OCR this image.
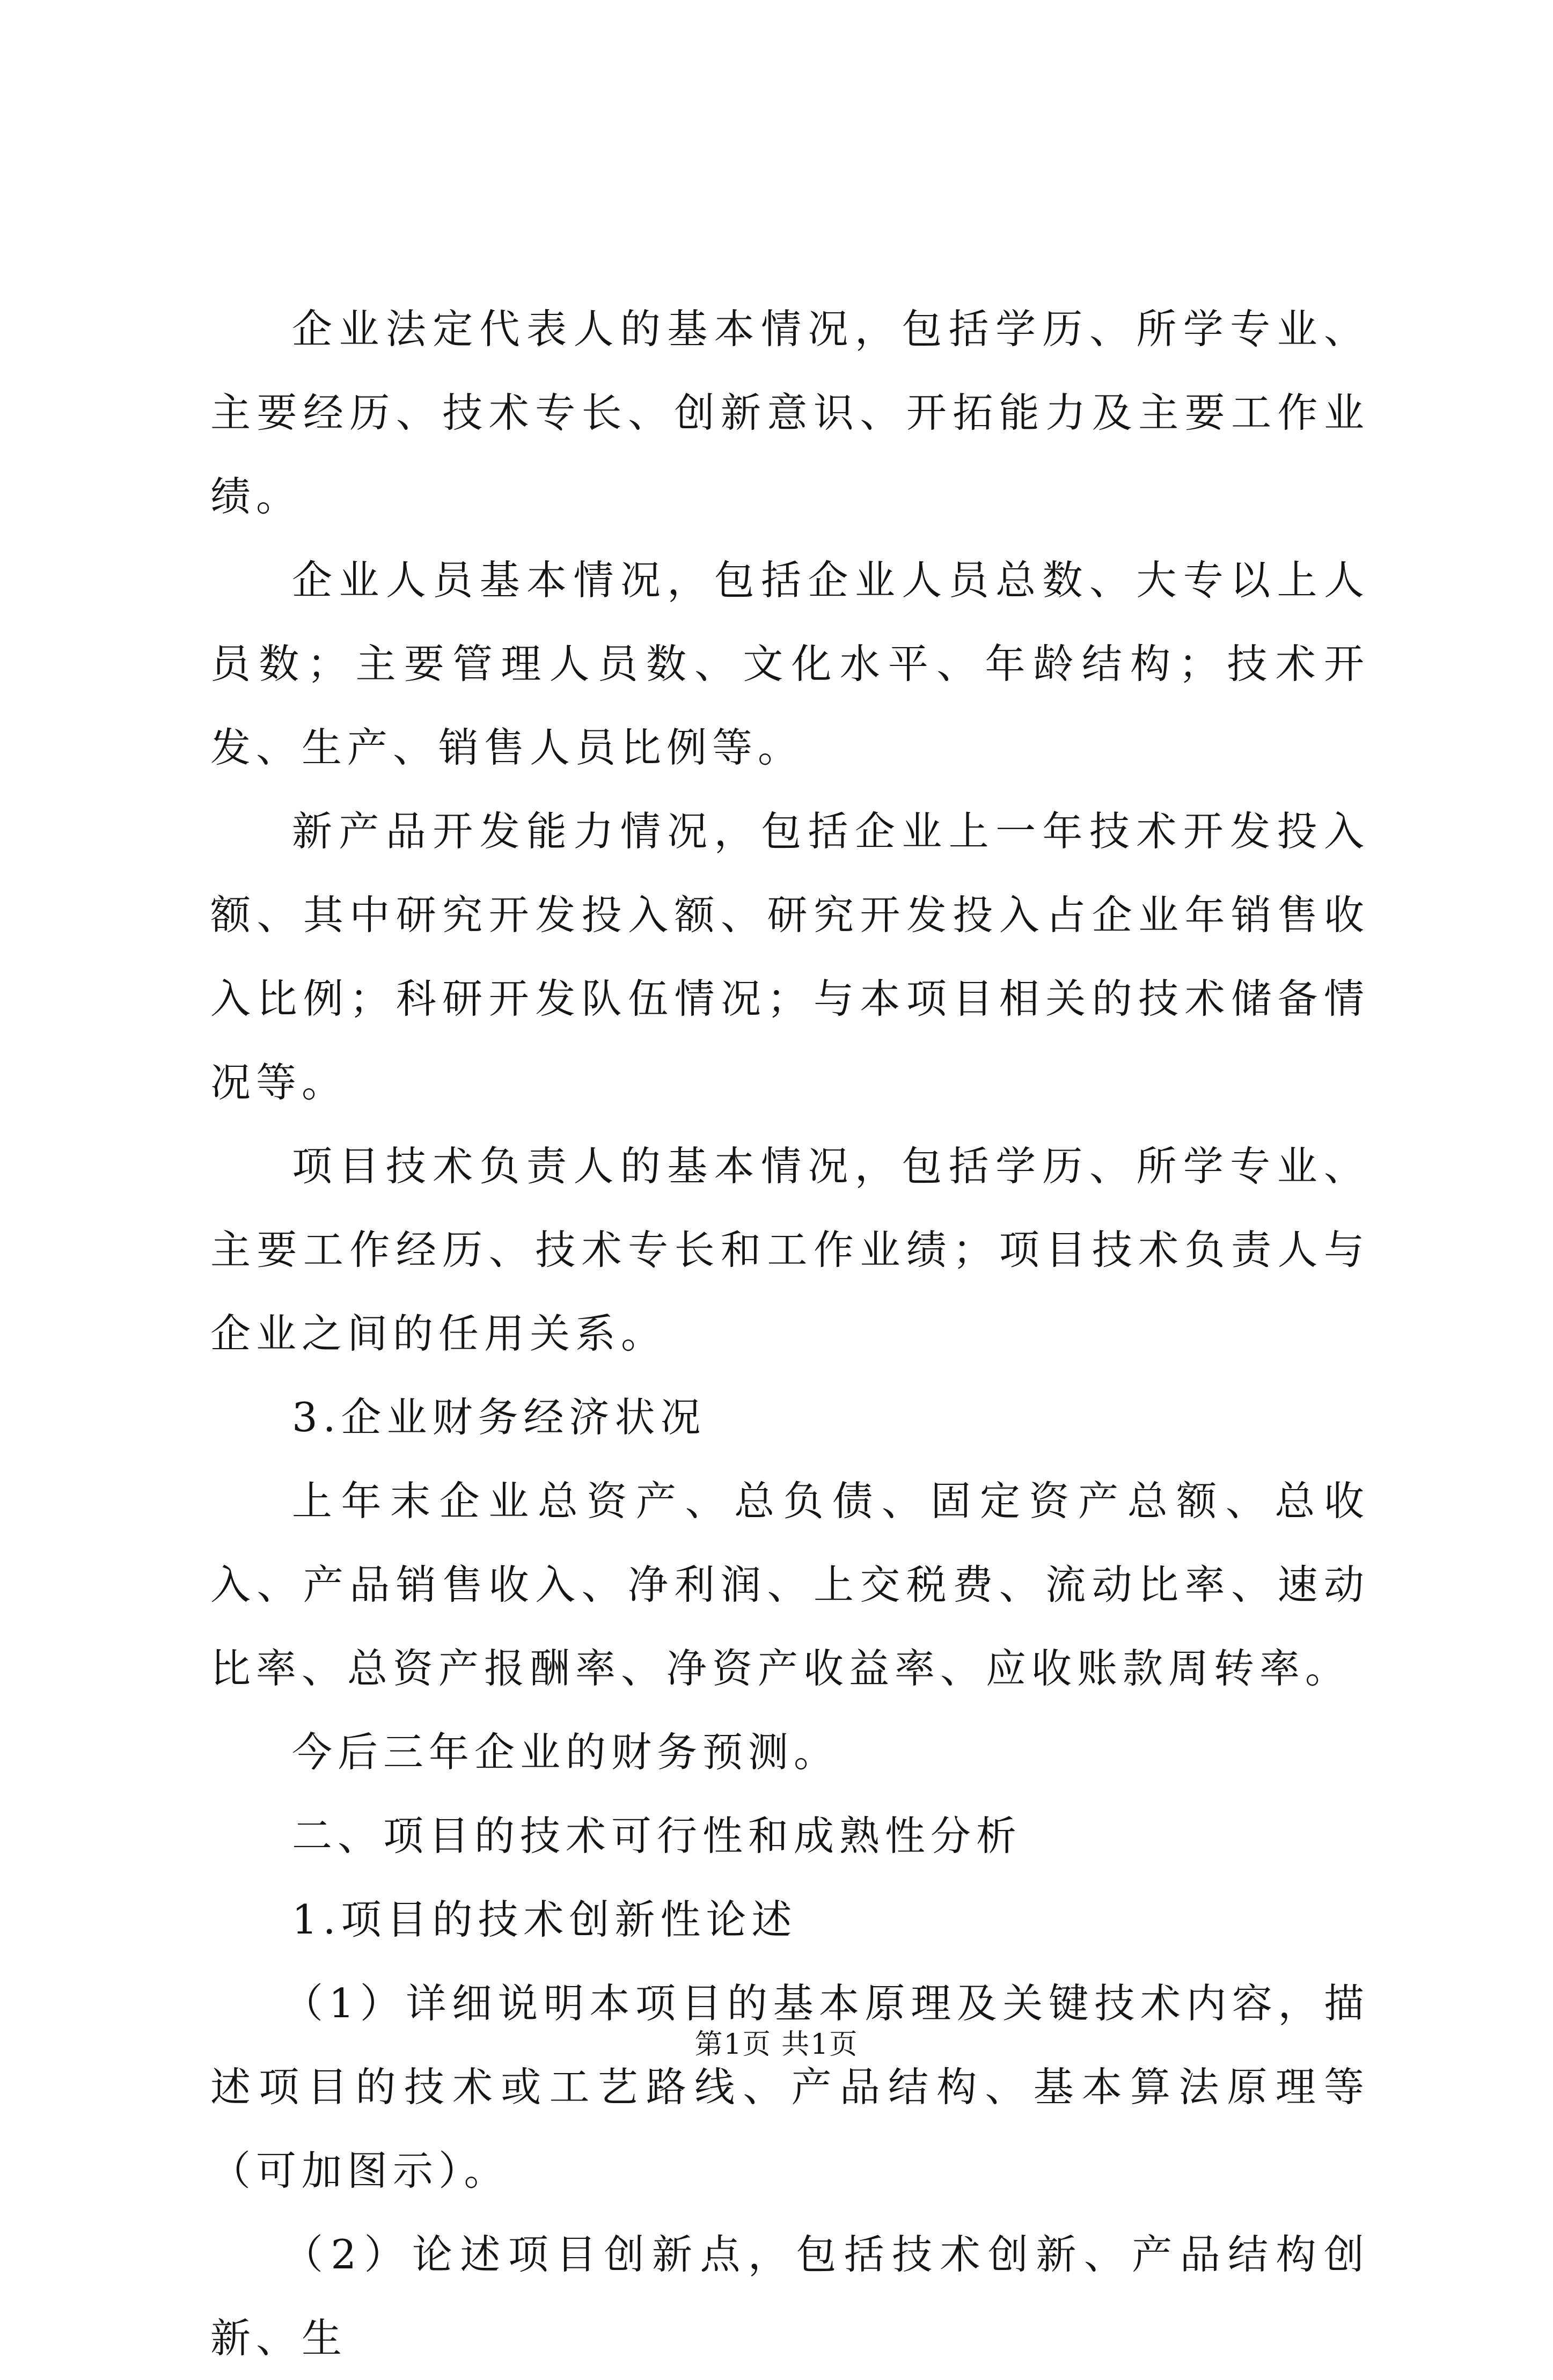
企业法定代表人的基本情况，包括学历、所学专业、主要经历、技术专长、创新意识、开拓能力及主要工作业绩。

企业人员基本情况，包括企业人员总数、大专以上人员数；主要管理人员数、文化水平、年龄结构；技术开发、生产、销售人员比例等。

新产品开发能力情况，包括企业上一年技术开发投入额、其中研究开发投入额、研究开发投入占企业年销售收入比例；科研开发队伍情况；与本项目相关的技术储备情况等。

项目技术负责人的基本情况，包括学历、所学专业、主要工作经历、技术专长和工作业绩；项目技术负责人与企业之间的任用关系。

3.企业财务经济状况

上年末企业总资产、总负债、固定资产总额、总收入、产品销售收入、净利润、上交税费、流动比率、速动比率、总资产报酬率、净资产收益率、应收账款周转率。

今后三年企业的财务预测。

二、项目的技术可行性和成熟性分析

1.项目的技术创新性论述

（1）详细说明本项目的基本原理及关键技术内容，描述项目的技术或工艺路线、产品结构、基本算法原理等（可加图示）。

（2）论述项目创新点，包括技术创新、产品结构创新、生

第1页 共1页
